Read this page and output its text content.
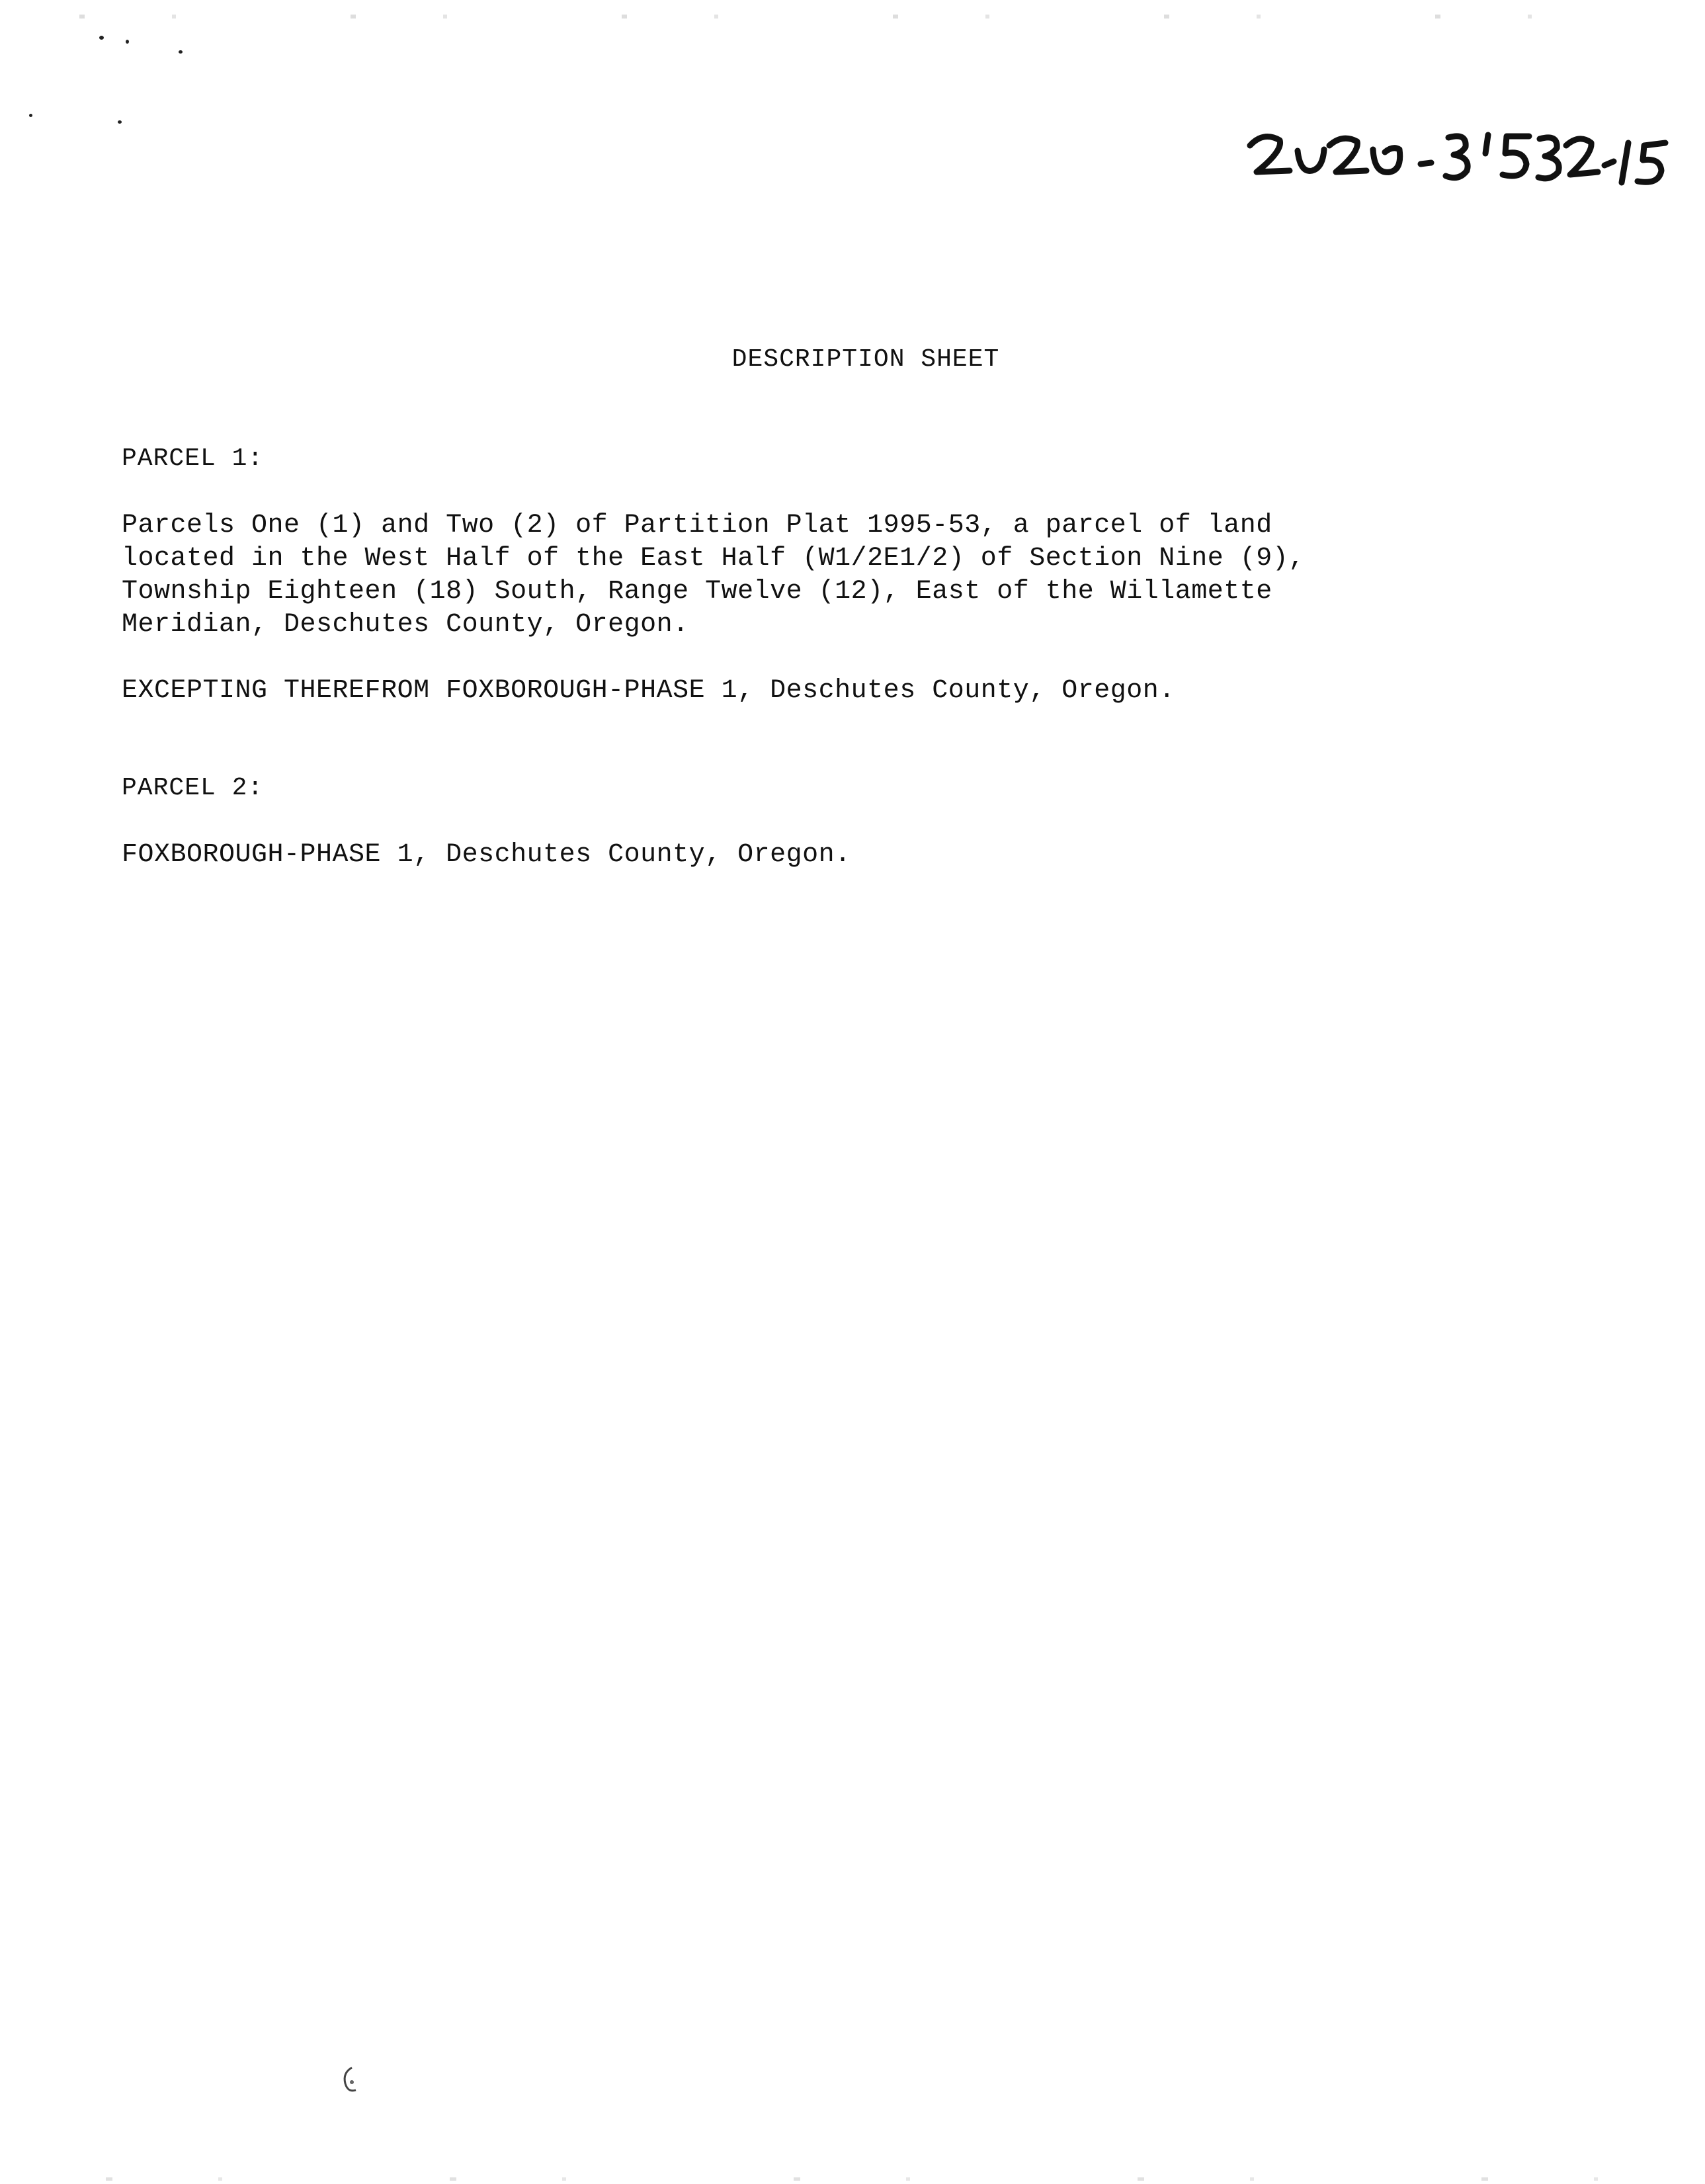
DESCRIPTION SHEET
PARCEL 1:
Parcels One (1) and Two (2) of Partition Plat 1995-53, a parcel of land
located in the West Half of the East Half (W1/2E1/2) of Section Nine (9),
Township Eighteen (18) South, Range Twelve (12), East of the Willamette
Meridian, Deschutes County, Oregon.
EXCEPTING THEREFROM FOXBOROUGH-PHASE 1, Deschutes County, Oregon.
PARCEL 2:
FOXBOROUGH-PHASE 1, Deschutes County, Oregon.
